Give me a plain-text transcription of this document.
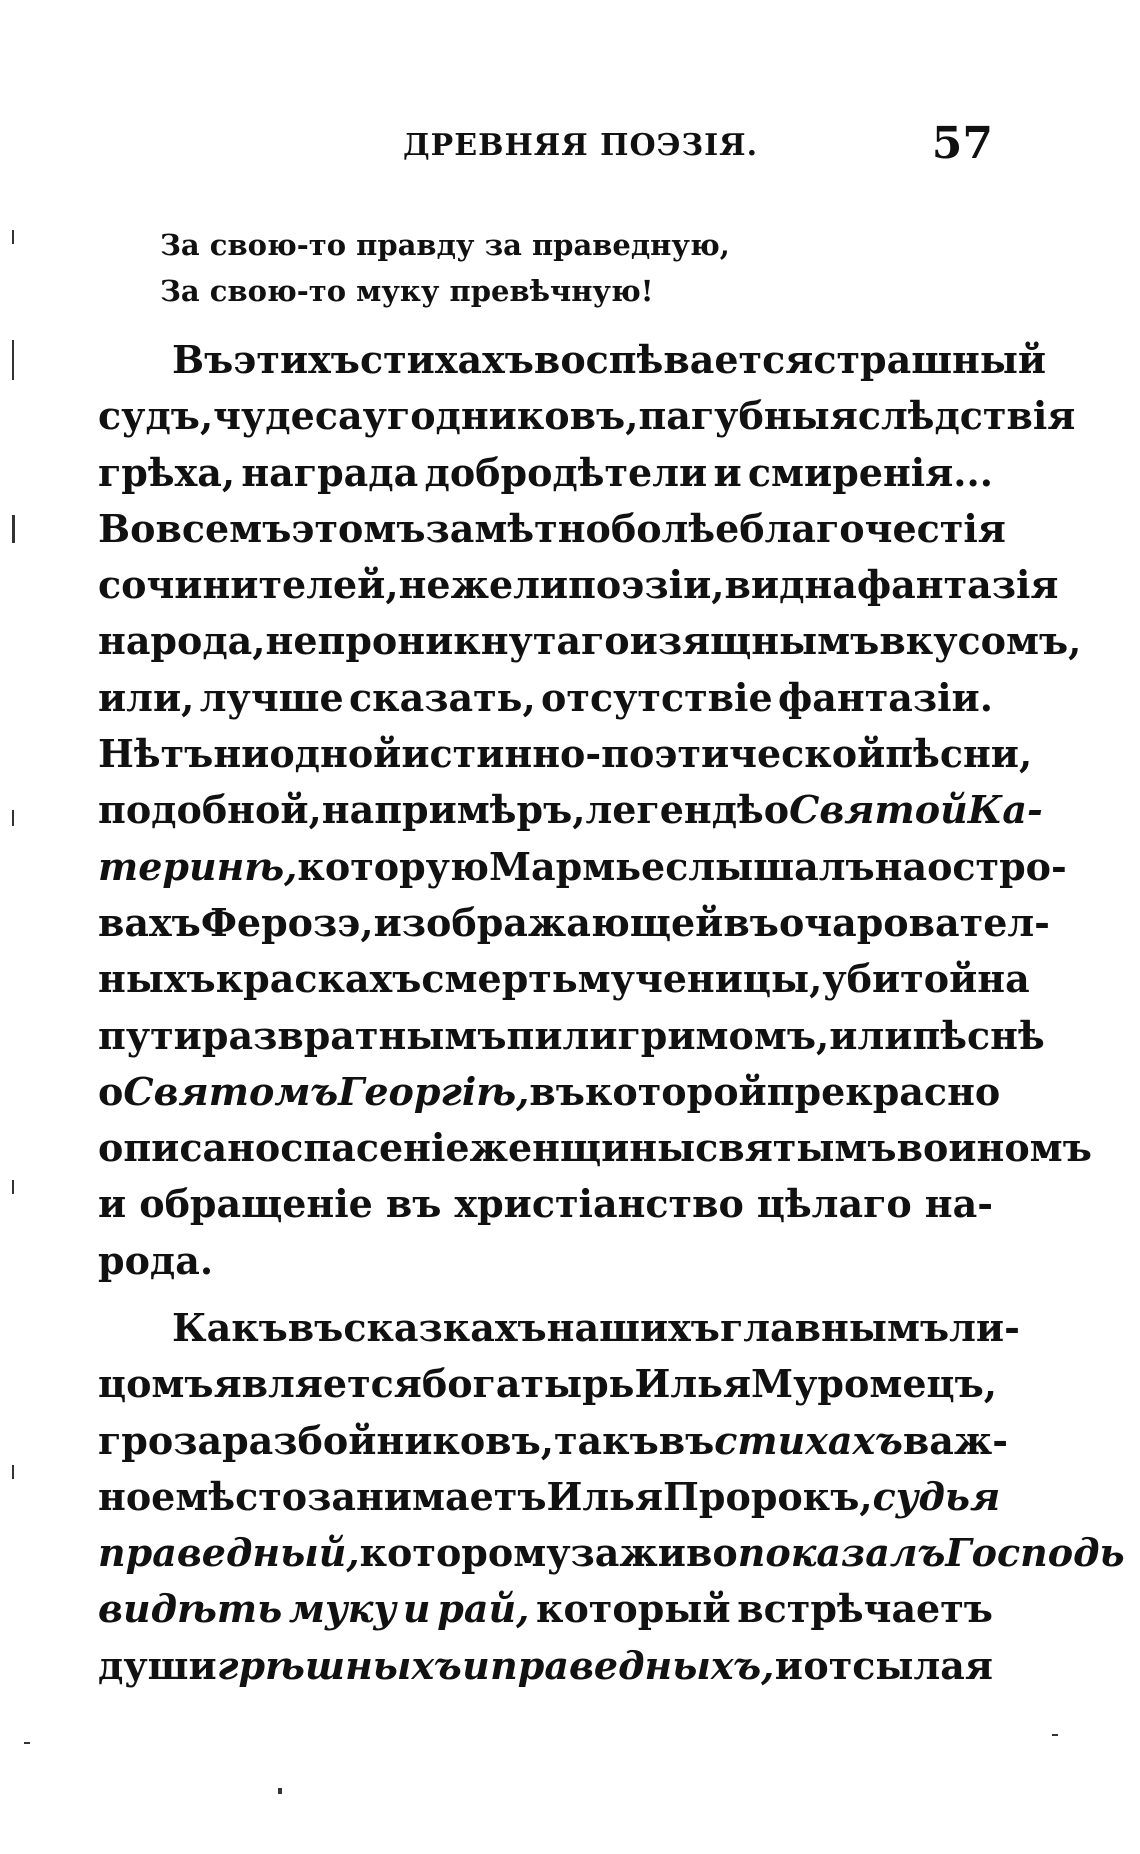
ДРЕВНЯЯ ПОЭЗІЯ.	57
За свою-то правду за праведную,
За свою-то муку превѣчную!
Въ этихъ стихахъ воспѣвается страшный
судъ, чудеса угодниковъ, пагубныя слѣдствія
грѣха, награда добродѣтели и смиренія...
Во всемъ этомъ замѣтно болѣе благочестія
сочинителей, нежели поэзіи, видна фантазія
народа, не проникнутаго изящнымъ вкусомъ,
или, лучше сказать, отсутствіе фантазіи.
Нѣтъ ни одной истинно-поэтической пѣсни,
подобной, напримѣръ, легендѣ о Святой Ка-
теринѣ, которую Мармье слышалъ на остро-
вахъ Ферозэ, изображающей въ очаровател-
ныхъ краскахъ смерть мученицы, убитой на
пути развратнымъ пилигримомъ, или пѣснѣ
о Святомъ Георгіѣ, въ которой прекрасно
описано спасеніе женщины святымъ воиномъ
и обращеніе въ христіанство цѣлаго на-
рода.
Какъ въ сказкахъ нашихъ главнымъ ли-
цомъ является богатырь Илья Муромецъ,
гроза разбойниковъ, такъ въ стихахъ важ-
ное мѣсто занимаетъ Илья Пророкъ, судья
праведный, которому заживо показалъ Господь
видѣть муку и рай, который встрѣчаетъ
души грѣшныхъ и праведныхъ, и отсылая
